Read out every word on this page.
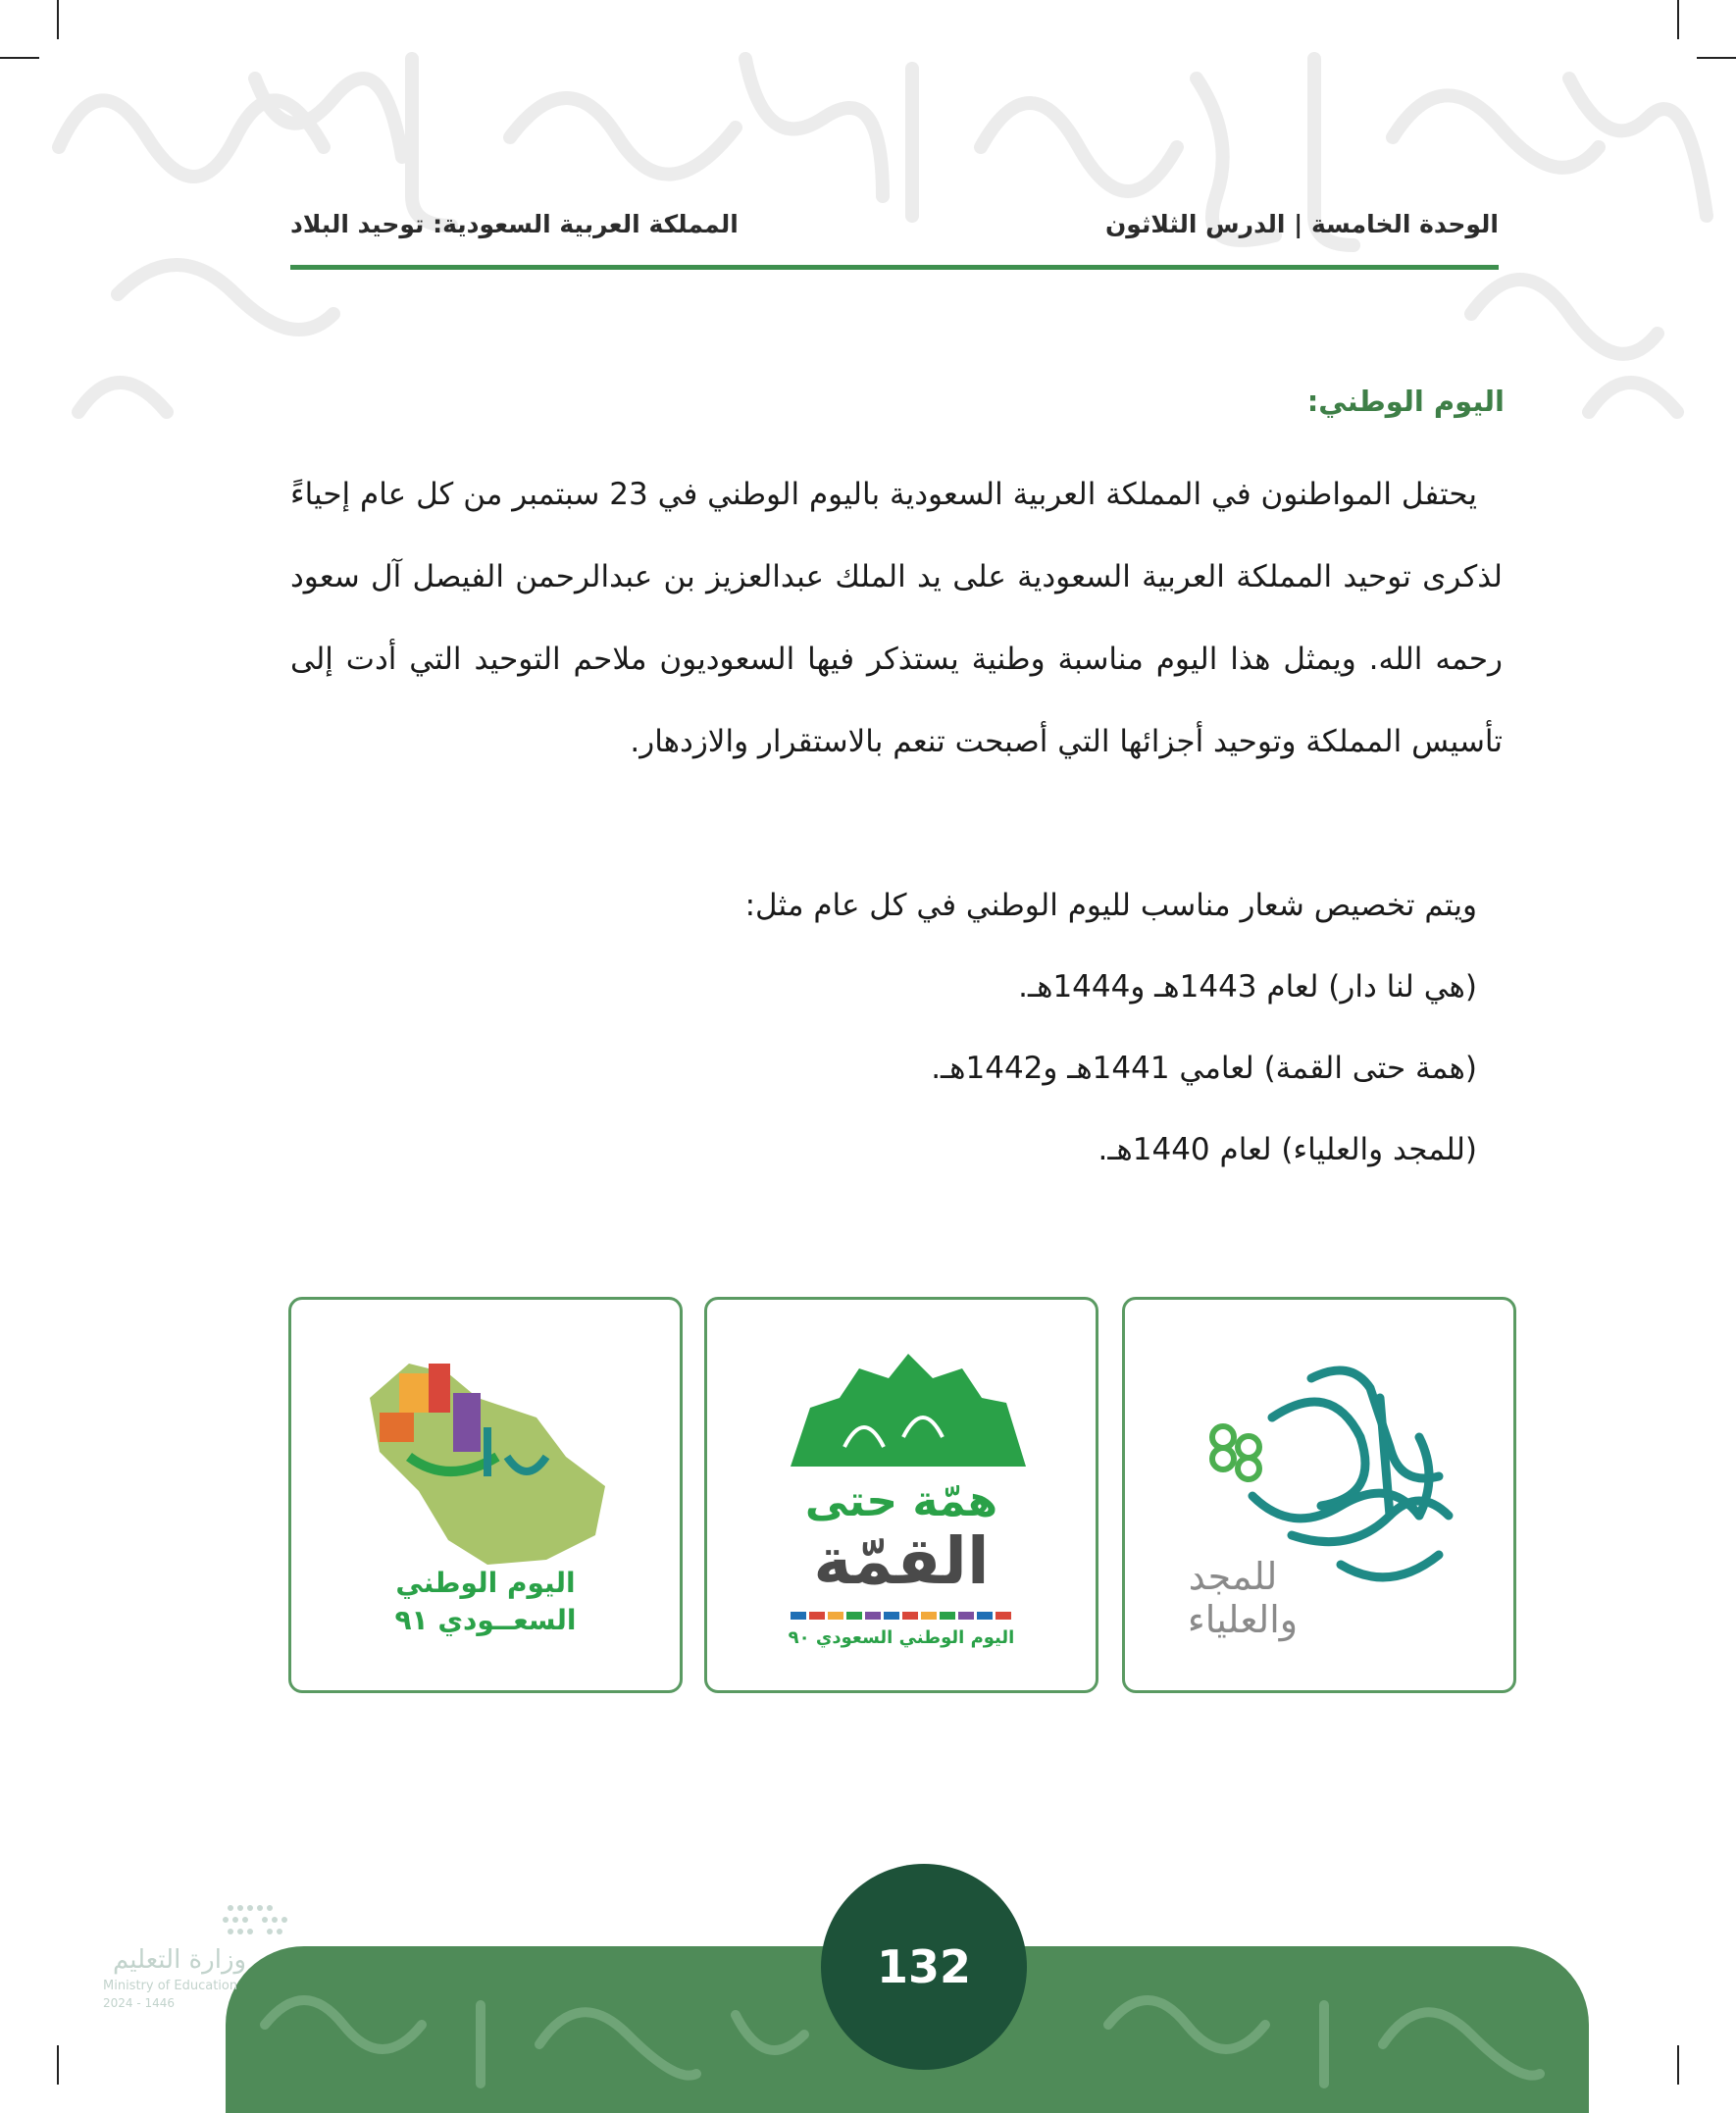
الوحدة الخامسة | الدرس الثلاثون
المملكة العربية السعودية: توحيد البلاد
اليوم الوطني:
يحتفل المواطنون في المملكة العربية السعودية باليوم الوطني في 23 سبتمبر من كل عام إحياءً لذكرى توحيد المملكة العربية السعودية على يد الملك عبدالعزيز بن عبدالرحمن الفيصل آل سعود رحمه الله. ويمثل هذا اليوم مناسبة وطنية يستذكر فيها السعوديون ملاحم التوحيد التي أدت إلى تأسيس المملكة وتوحيد أجزائها التي أصبحت تنعم بالاستقرار والازدهار.
ويتم تخصيص شعار مناسب لليوم الوطني في كل عام مثل:
(هي لنا دار) لعام 1443هـ و1444هـ.
(همة حتى القمة) لعامي 1441هـ و1442هـ.
(للمجد والعلياء) لعام 1440هـ.
للمجد
والعلياء
همّة حتى
القمّة
اليوم الوطني السعودي ٩٠
اليوم الوطني
السعــودي ٩١
132
وزارة التعليم
Ministry of Education
2024 - 1446
